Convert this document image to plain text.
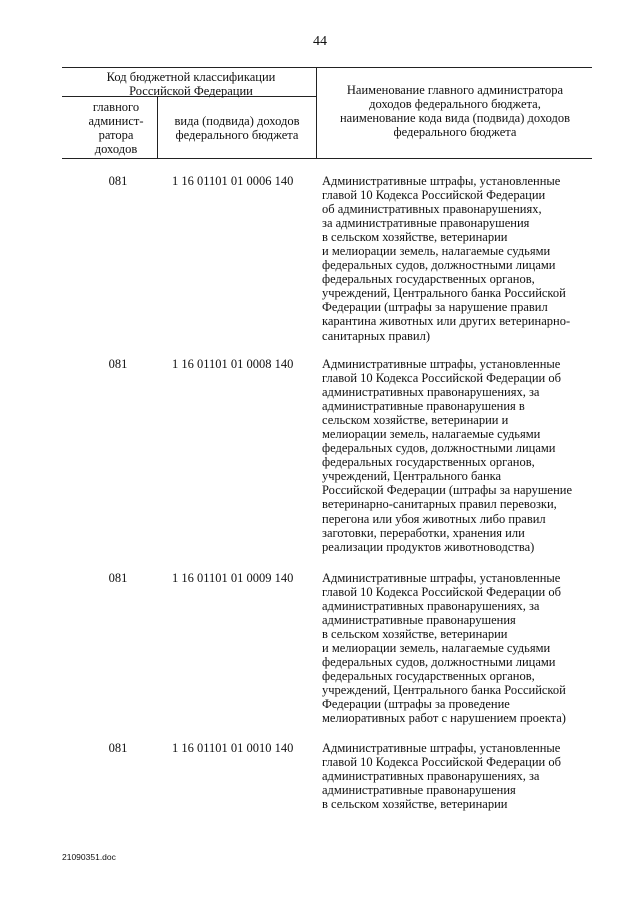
44
Код бюджетной классификации Российской Федерации
главного админист-ратора доходов
вида (подвида) доходов федерального бюджета
Наименование главного администратора доходов федерального бюджета, наименование кода вида (подвида) доходов федерального бюджета
081	1 16 01101 01 0006 140	Административные штрафы, установленные
главой 10 Кодекса Российской Федерации
об административных правонарушениях,
за административные правонарушения
в сельском хозяйстве, ветеринарии
и мелиорации земель, налагаемые судьями
федеральных судов, должностными лицами
федеральных государственных органов,
учреждений, Центрального банка Российской
Федерации (штрафы за нарушение правил
карантина животных или других ветеринарно-
санитарных правил)
081	1 16 01101 01 0008 140	Административные штрафы, установленные
главой 10 Кодекса Российской Федерации об
административных правонарушениях, за
административные правонарушения в
сельском хозяйстве, ветеринарии и
мелиорации земель, налагаемые судьями
федеральных судов, должностными лицами
федеральных государственных органов,
учреждений, Центрального банка
Российской Федерации (штрафы за нарушение
ветеринарно-санитарных правил перевозки,
перегона или убоя животных либо правил
заготовки, переработки, хранения или
реализации продуктов животноводства)
081	1 16 01101 01 0009 140	Административные штрафы, установленные
главой 10 Кодекса Российской Федерации об
административных правонарушениях, за
административные правонарушения
в сельском хозяйстве, ветеринарии
и мелиорации земель, налагаемые судьями
федеральных судов, должностными лицами
федеральных государственных органов,
учреждений, Центрального банка Российской
Федерации (штрафы за проведение
мелиоративных работ с нарушением проекта)
081	1 16 01101 01 0010 140	Административные штрафы, установленные
главой 10 Кодекса Российской Федерации об
административных правонарушениях, за
административные правонарушения
в сельском хозяйстве, ветеринарии
21090351.doc
